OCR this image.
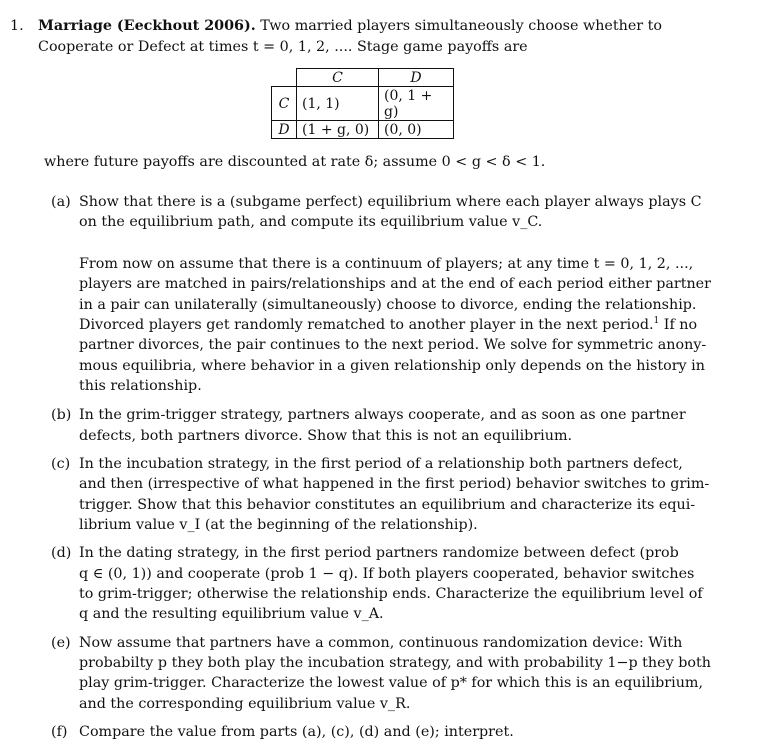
1. Marriage (Eeckhout 2006). Two married players simultaneously choose whether to
Cooperate or Defect at times t = 0, 1, 2, .... Stage game payoffs are
	C	D
C	(1, 1)	(0, 1 + g)
D	(1 + g, 0)	(0, 0)
where future payoffs are discounted at rate δ; assume 0 < g < δ < 1.
(a) Show that there is a (subgame perfect) equilibrium where each player always plays C
on the equilibrium path, and compute its equilibrium value v_C.
From now on assume that there is a continuum of players; at any time t = 0, 1, 2, ...,
players are matched in pairs/relationships and at the end of each period either partner
in a pair can unilaterally (simultaneously) choose to divorce, ending the relationship.
Divorced players get randomly rematched to another player in the next period.$^1$ If no
partner divorces, the pair continues to the next period. We solve for symmetric anony-
mous equilibria, where behavior in a given relationship only depends on the history in
this relationship.
(b) In the grim-trigger strategy, partners always cooperate, and as soon as one partner
defects, both partners divorce. Show that this is not an equilibrium.
(c) In the incubation strategy, in the first period of a relationship both partners defect,
and then (irrespective of what happened in the first period) behavior switches to grim-
trigger. Show that this behavior constitutes an equilibrium and characterize its equi-
librium value v_I (at the beginning of the relationship).
(d) In the dating strategy, in the first period partners randomize between defect (prob
q ∈ (0, 1)) and cooperate (prob 1 − q). If both players cooperated, behavior switches
to grim-trigger; otherwise the relationship ends. Characterize the equilibrium level of
q and the resulting equilibrium value v_A.
(e) Now assume that partners have a common, continuous randomization device: With
probabilty p they both play the incubation strategy, and with probability 1−p they both
play grim-trigger. Characterize the lowest value of p* for which this is an equilibrium,
and the corresponding equilibrium value v_R.
(f) Compare the value from parts (a), (c), (d) and (e); interpret.
